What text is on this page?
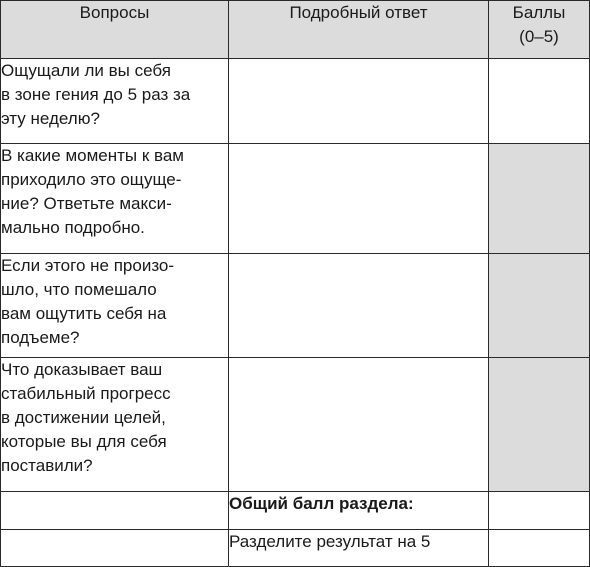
Вопросы	Подробный ответ	Баллы
(0–5)

Ощущали ли вы себя
в зоне гения до 5 раз за
эту неделю?		

В какие моменты к вам
приходило это ощуще-
ние? Ответьте макси-
мально подробно.		

Если этого не произо-
шло, что помешало
вам ощутить себя на
подъеме?		

Что доказывает ваш
стабильный прогресс
в достижении целей,
которые вы для себя
поставили?		

	Общий балл раздела:	
	Разделите результат на 5	
